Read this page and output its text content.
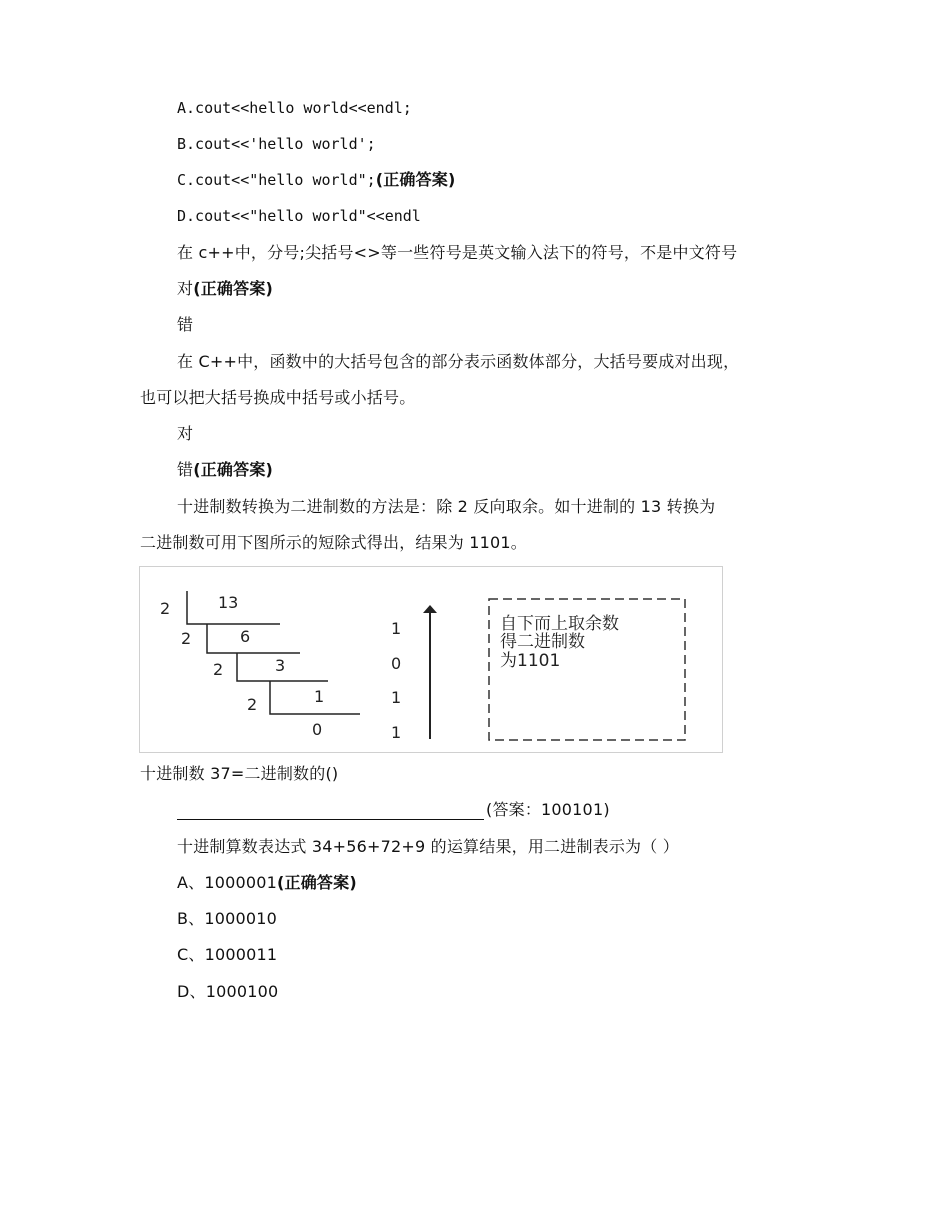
A.cout<<hello world<<endl;
B.cout<<'hello world';
C.cout<<"hello world";(正确答案)
D.cout<<"hello world"<<endl
在 c++中，分号;尖括号<>等一些符号是英文输入法下的符号，不是中文符号
对(正确答案)
错
在 C++中，函数中的大括号包含的部分表示函数体部分，大括号要成对出现，
也可以把大括号换成中括号或小括号。
对
错(正确答案)
十进制数转换为二进制数的方法是：除 2 反向取余。如十进制的 13 转换为
二进制数可用下图所示的短除式得出，结果为 1101。
2
2
2
2
13
6
3
1
0
1
0
1
1
自下而上取余数
得二进制数
为1101
十进制数 37=二进制数的()
(答案：100101)
十进制算数表达式 34+56+72+9 的运算结果，用二进制表示为（ ）
A、1000001(正确答案)
B、1000010
C、1000011
D、1000100
